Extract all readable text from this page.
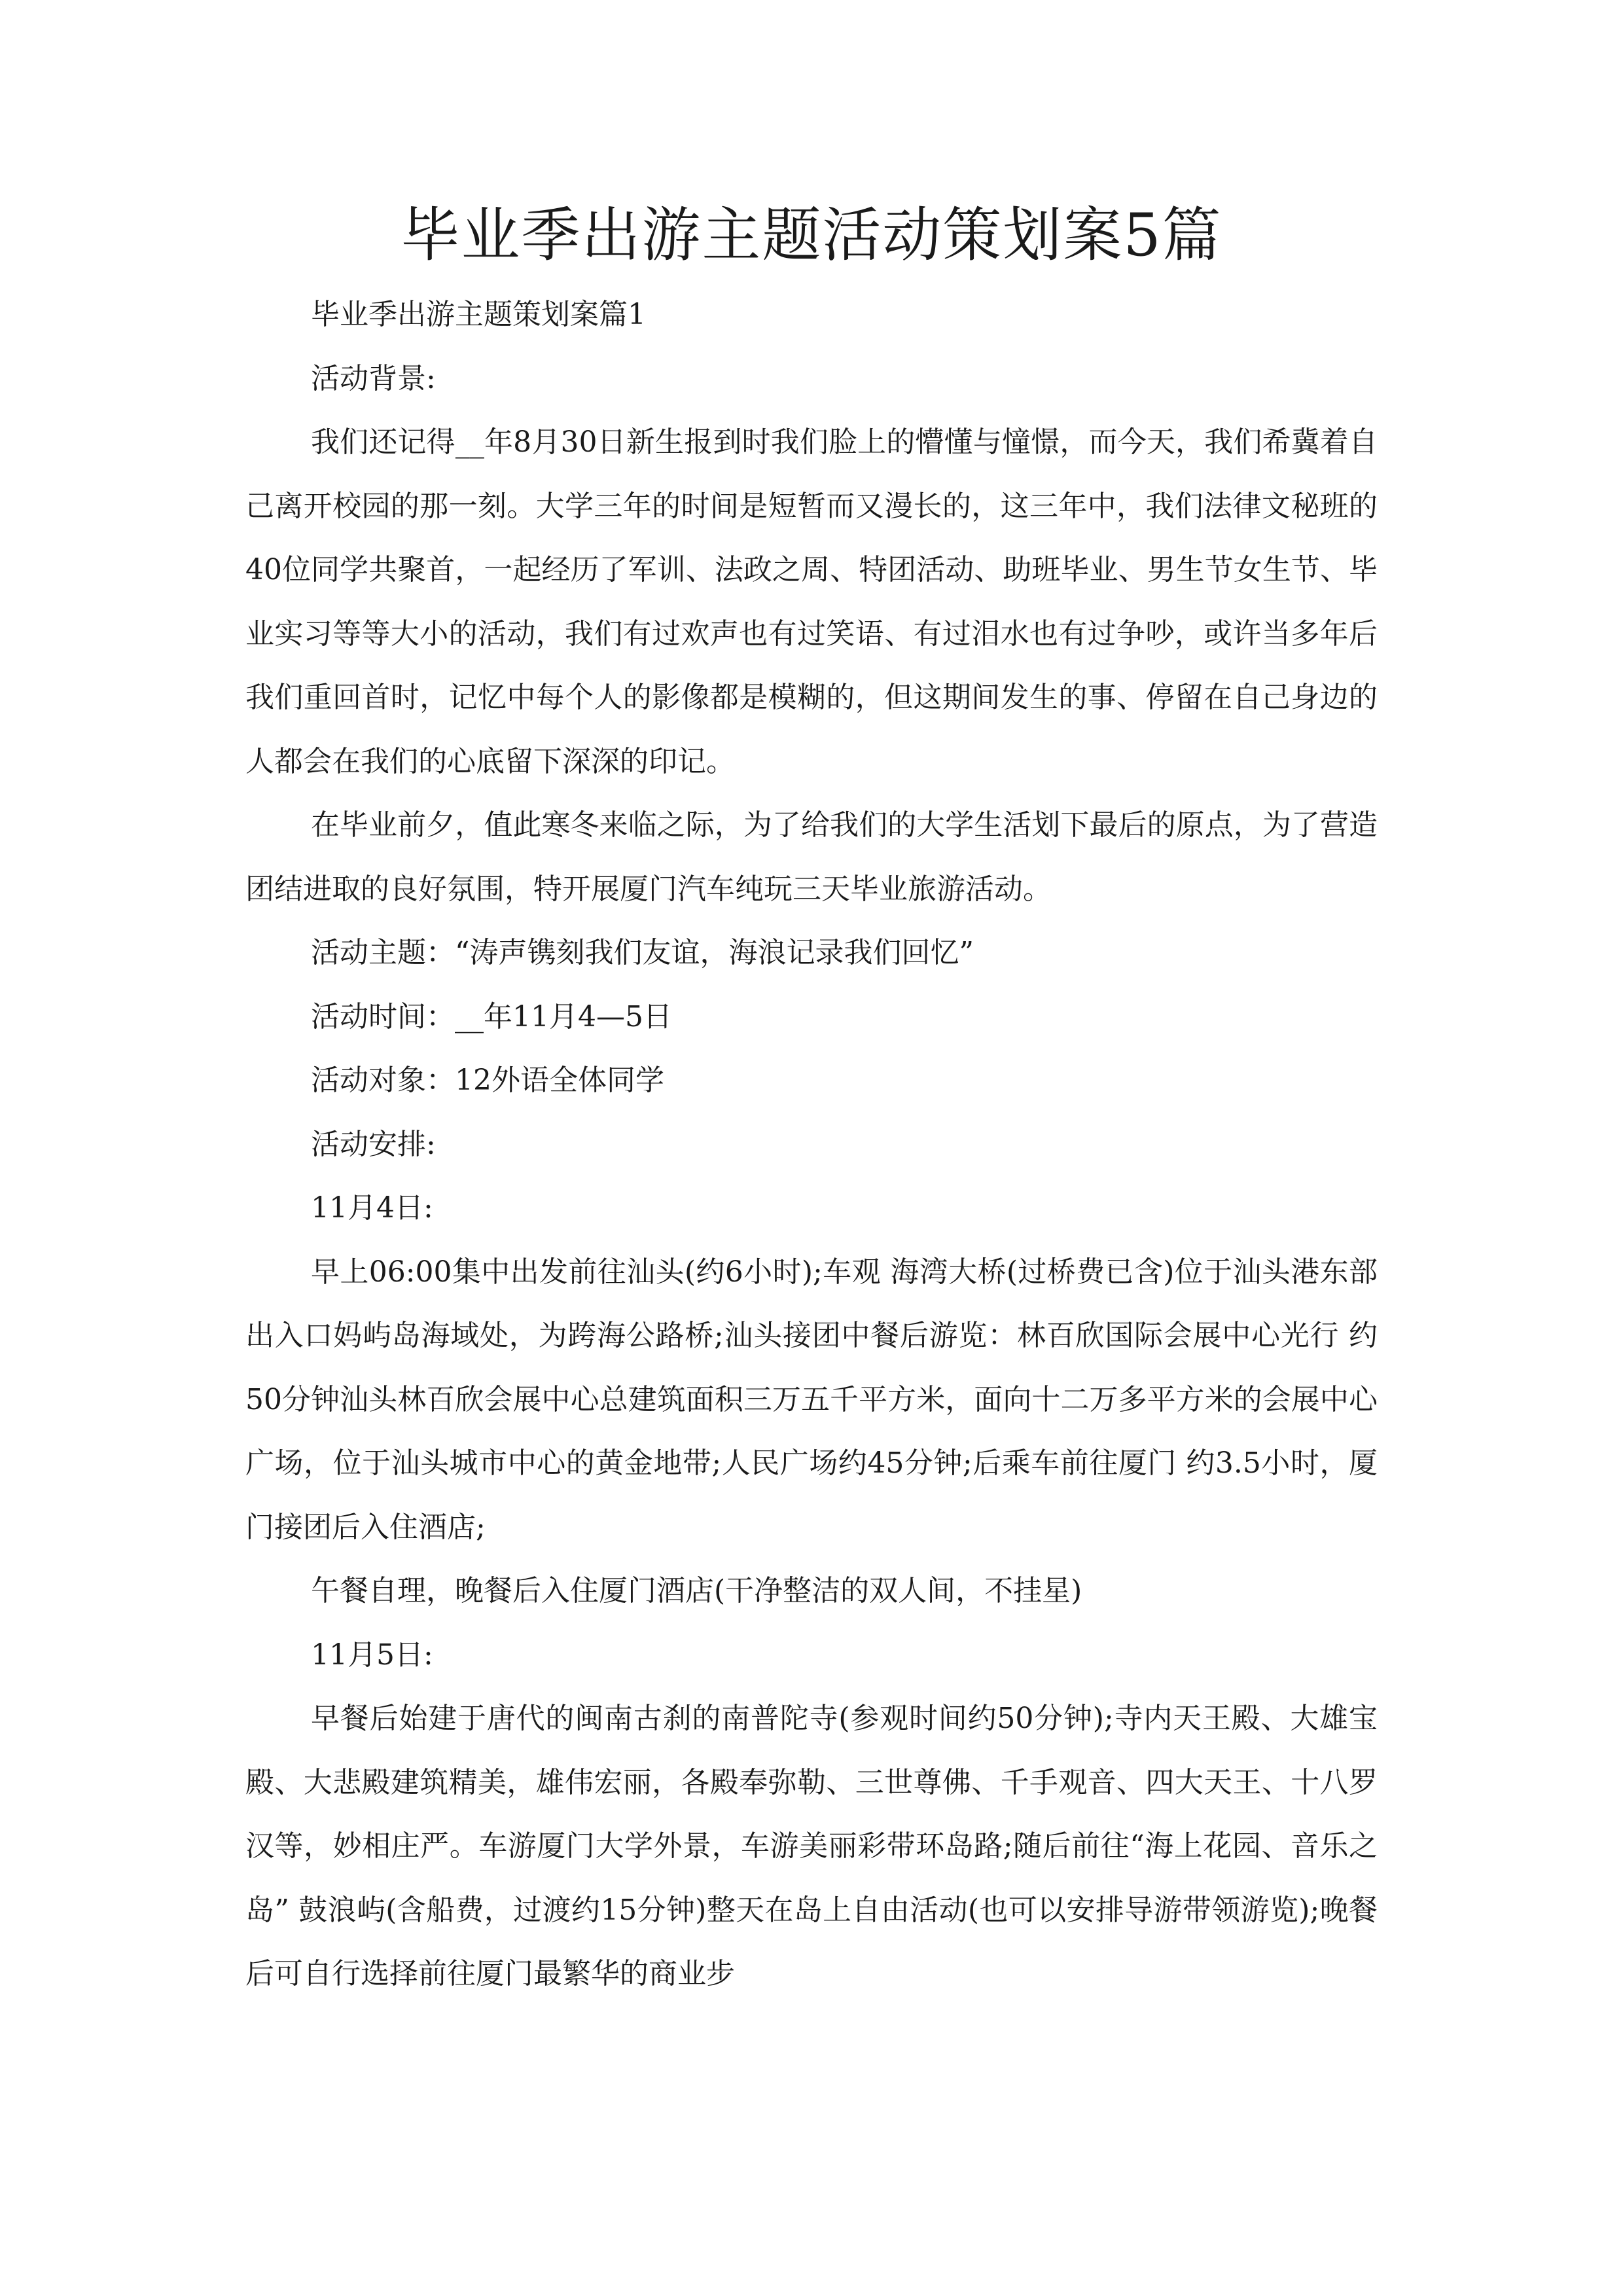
毕业季出游主题活动策划案5篇

毕业季出游主题策划案篇1

活动背景:

我们还记得__年8月30日新生报到时我们脸上的懵懂与憧憬，而今天，我们希冀着自己离开校园的那一刻。大学三年的时间是短暂而又漫长的，这三年中，我们法律文秘班的40位同学共聚首，一起经历了军训、法政之周、特团活动、助班毕业、男生节女生节、毕业实习等等大小的活动，我们有过欢声也有过笑语、有过泪水也有过争吵，或许当多年后我们重回首时，记忆中每个人的影像都是模糊的，但这期间发生的事、停留在自己身边的人都会在我们的心底留下深深的印记。

在毕业前夕，值此寒冬来临之际，为了给我们的大学生活划下最后的原点，为了营造团结进取的良好氛围，特开展厦门汽车纯玩三天毕业旅游活动。

活动主题：“涛声镌刻我们友谊，海浪记录我们回忆”

活动时间：__年11月4—5日

活动对象：12外语全体同学

活动安排:

11月4日:

早上06:00集中出发前往汕头(约6小时);车观 海湾大桥(过桥费已含)位于汕头港东部出入口妈屿岛海域处，为跨海公路桥;汕头接团中餐后游览：林百欣国际会展中心光行 约50分钟汕头林百欣会展中心总建筑面积三万五千平方米，面向十二万多平方米的会展中心广场，位于汕头城市中心的黄金地带;人民广场约45分钟;后乘车前往厦门 约3.5小时，厦门接团后入住酒店;

午餐自理，晚餐后入住厦门酒店(干净整洁的双人间，不挂星)

11月5日:

早餐后始建于唐代的闽南古刹的南普陀寺(参观时间约50分钟);寺内天王殿、大雄宝殿、大悲殿建筑精美，雄伟宏丽，各殿奉弥勒、三世尊佛、千手观音、四大天王、十八罗汉等，妙相庄严。车游厦门大学外景，车游美丽彩带环岛路;随后前往“海上花园、音乐之岛” 鼓浪屿(含船费，过渡约15分钟)整天在岛上自由活动(也可以安排导游带领游览);晚餐后可自行选择前往厦门最繁华的商业步
